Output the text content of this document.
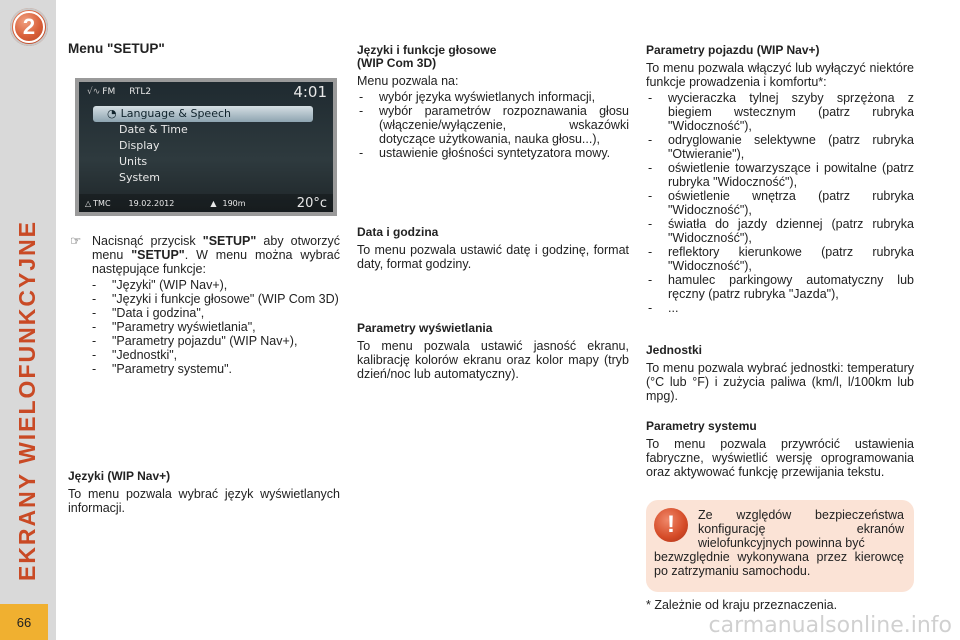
2
EKRANY WIELOFUNKCYJNE
66

Menu "SETUP"

√∿ FM RTL2	4:01
◔ Language & Speech
Date & Time
Display
Units
System
△ TMC 19.02.2012	▲ 190m	20°c
☞ Nacisnąć przycisk "SETUP" aby otworzyć menu "SETUP". W menu można wybrać następujące funkcje:
- "Języki" (WIP Nav+),
- "Języki i funkcje głosowe" (WIP Com 3D)
- "Data i godzina",
- "Parametry wyświetlania",
- "Parametry pojazdu" (WIP Nav+),
- "Jednostki",
- "Parametry systemu".

Języki (WIP Nav+)

To menu pozwala wybrać język wyświetlanych informacji.

Języki i funkcje głosowe

(WIP Com 3D)

Menu pozwala na:

- wybór języka wyświetlanych informacji,
- wybór parametrów rozpoznawania głosu (włączenie/wyłączenie, wskazówki dotyczące użytkowania, nauka głosu...),
- ustawienie głośności syntetyzatora mowy.

Data i godzina

To menu pozwala ustawić datę i godzinę, format daty, format godziny.

Parametry wyświetlania

To menu pozwala ustawić jasność ekranu, kalibrację kolorów ekranu oraz kolor mapy (tryb dzień/noc lub automatyczny).

Parametry pojazdu (WIP Nav+)

To menu pozwala włączyć lub wyłączyć niektóre funkcje prowadzenia i komfortu*:

- wycieraczka tylnej szyby sprzężona z biegiem wstecznym (patrz rubryka "Widoczność"),
- odryglowanie selektywne (patrz rubryka "Otwieranie"),
- oświetlenie towarzyszące i powitalne (patrz rubryka "Widoczność"),
- oświetlenie wnętrza (patrz rubryka "Widoczność"),
- światła do jazdy dziennej (patrz rubryka "Widoczność"),
- reflektory kierunkowe (patrz rubryka "Widoczność"),
- hamulec parkingowy automatyczny lub ręczny (patrz rubryka "Jazda"),
- ...

Jednostki

To menu pozwala wybrać jednostki: temperatury (°C lub °F) i zużycia paliwa (km/l, l/100km lub mpg).

Parametry systemu

To menu pozwala przywrócić ustawienia fabryczne, wyświetlić wersję oprogramowania oraz aktywować funkcję przewijania tekstu.

!	Ze względów bezpieczeństwa konfigurację ekranów wielofunkcyjnych powinna być
bezwzględnie wykonywana przez kierowcę po zatrzymaniu samochodu.
* Zależnie od kraju przeznaczenia.
carmanualsonline.info
